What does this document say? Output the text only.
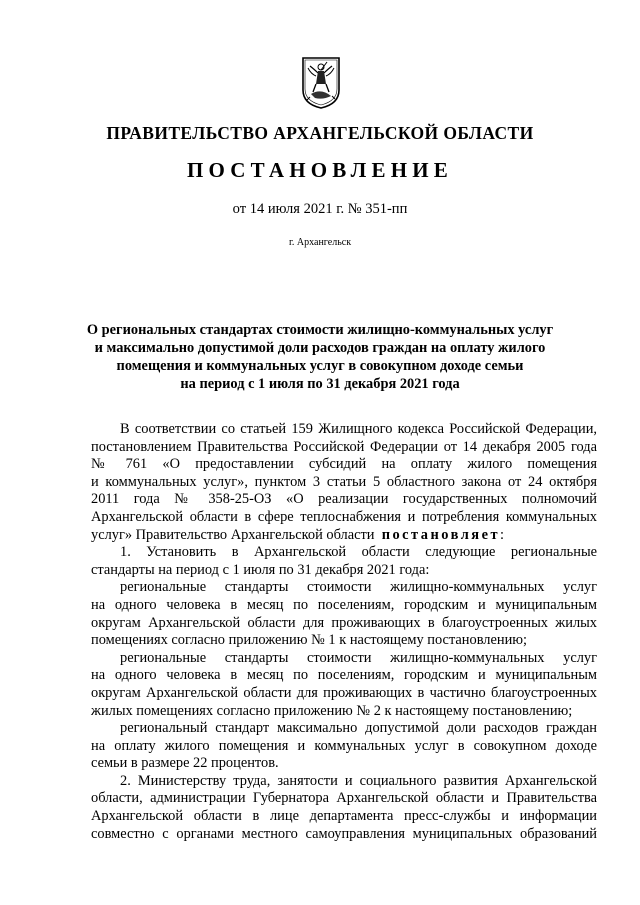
ПРАВИТЕЛЬСТВО АРХАНГЕЛЬСКОЙ ОБЛАСТИ
ПОСТАНОВЛЕНИЕ
от 14 июля 2021 г. № 351-пп
г. Архангельск
О региональных стандартах стоимости жилищно-коммунальных услуг
и максимально допустимой доли расходов граждан на оплату жилого
помещения и коммунальных услуг в совокупном доходе семьи
на период с 1 июля по 31 декабря 2021 года
В соответствии со статьей 159 Жилищного кодекса Российской Федерации,
постановлением Правительства Российской Федерации от 14 декабря 2005 года
№ 761 «О предоставлении субсидий на оплату жилого помещения
и коммунальных услуг», пунктом 3 статьи 5 областного закона от 24 октября
2011 года № 358-25-ОЗ «О реализации государственных полномочий
Архангельской области в сфере теплоснабжения и потребления коммунальных
услуг» Правительство Архангельской области постановляет:
1. Установить в Архангельской области следующие региональные
стандарты на период с 1 июля по 31 декабря 2021 года:
региональные стандарты стоимости жилищно-коммунальных услуг
на одного человека в месяц по поселениям, городским и муниципальным
округам Архангельской области для проживающих в благоустроенных жилых
помещениях согласно приложению № 1 к настоящему постановлению;
региональные стандарты стоимости жилищно-коммунальных услуг
на одного человека в месяц по поселениям, городским и муниципальным
округам Архангельской области для проживающих в частично благоустроенных
жилых помещениях согласно приложению № 2 к настоящему постановлению;
региональный стандарт максимально допустимой доли расходов граждан
на оплату жилого помещения и коммунальных услуг в совокупном доходе
семьи в размере 22 процентов.
2. Министерству труда, занятости и социального развития Архангельской
области, администрации Губернатора Архангельской области и Правительства
Архангельской области в лице департамента пресс-службы и информации
совместно с органами местного самоуправления муниципальных образований
